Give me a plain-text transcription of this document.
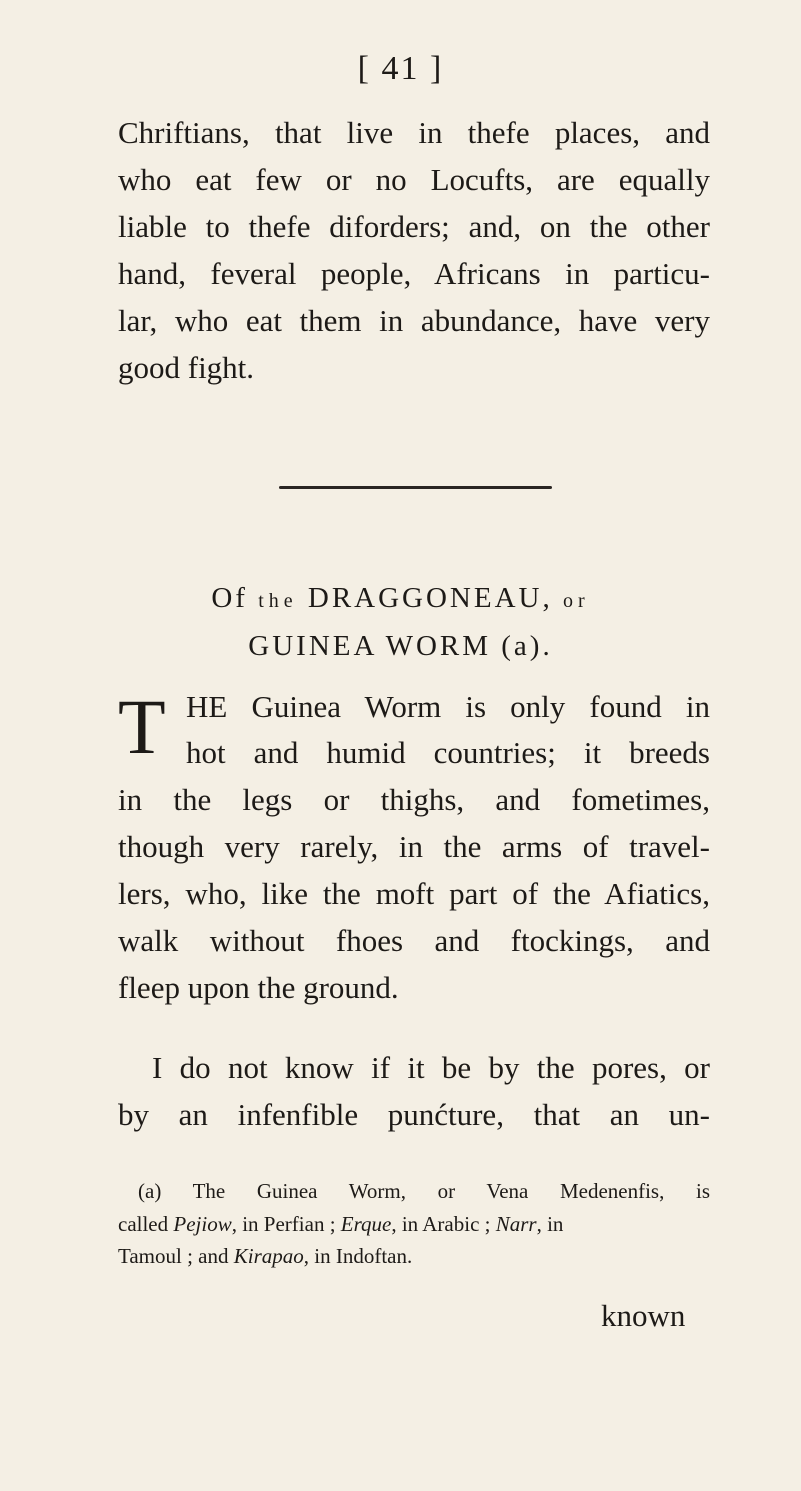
[ 41 ]
Chriftians, that live in thefe places, and
who eat few or no Locufts, are equally
liable to thefe diforders; and, on the other
hand, feveral people, Africans in particu-
lar, who eat them in abundance, have very
good fight.
Of the DRAGGONEAU, or
GUINEA WORM (a).
T HE Guinea Worm is only found in
hot and humid countries; it breeds
in the legs or thighs, and fometimes,
though very rarely, in the arms of travel-
lers, who, like the moft part of the Afiatics,
walk without fhoes and ftockings, and
fleep upon the ground.
I do not know if it be by the pores, or
by an infenfible punćture, that an un-
(a) The Guinea Worm, or Vena Medenenfis, is
called Pejiow, in Perfian ; Erque, in Arabic ; Narr, in
Tamoul ; and Kirapao, in Indoftan.
known
